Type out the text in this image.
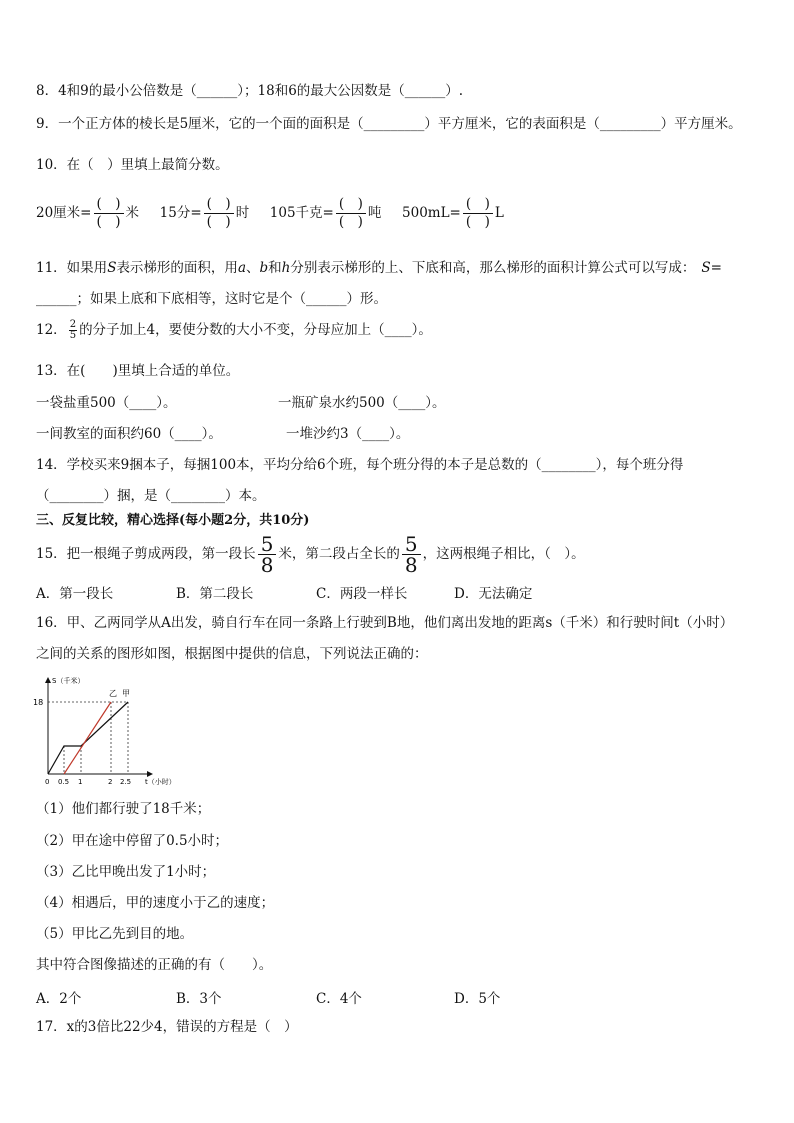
8．4和9的最小公倍数是（______）；18和6的最大公因数是（______）.
9．一个正方体的棱长是5厘米，它的一个面的面积是（_________）平方厘米，它的表面积是（_________）平方厘米。
10．在（　）里填上最简分数。
20厘米= $\frac{( )}{( )}$ 米 15分= $\frac{( )}{( )}$ 时 105千克= $\frac{( )}{( )}$ 吨 $500mL= \frac{( )}{( )}$ L
11．如果用S表示梯形的面积，用a、b和h分别表示梯形的上、下底和高，那么梯形的面积计算公式可以写成： S=
______；如果上底和下底相等，这时它是个（______）形。
12． $\frac{2}{5}$ 的分子加上4，要使分数的大小不变，分母应加上（____）。
13．在(　　)里填上合适的单位。
一袋盐重500（____）。	一瓶矿泉水约500（____）。
一间教室的面积约60（____）。	一堆沙约3（____）。
14．学校买来9捆本子，每捆100本，平均分给6个班，每个班分得的本子是总数的（________），每个班分得
（________）捆，是（________）本。
三、反复比较，精心选择(每小题2分，共10分)
15．把一根绳子剪成两段，第一段长 $\frac{5}{8}$ 米，第二段占全长的 $\frac{5}{8}$ ，这两根绳子相比，（　）。
A．第一段长	B．第二段长	C．两段一样长	D．无法确定
16．甲、乙两同学从A出发，骑自行车在同一条路上行驶到B地，他们离出发地的距离s（千米）和行驶时间t（小时）
之间的关系的图形如图，根据图中提供的信息，下列说法正确的：
S（千米）
18
0 0.5 1	2 2.5 t（小时）
乙 甲
（1）他们都行驶了18千米；
（2）甲在途中停留了0.5小时；
（3）乙比甲晚出发了1小时；
（4）相遇后，甲的速度小于乙的速度；
（5）甲比乙先到目的地。
其中符合图像描述的正确的有（　　）。
A．2个	B．3个	C．4个	D．5个
17．x的3倍比22少4，错误的方程是（　）
